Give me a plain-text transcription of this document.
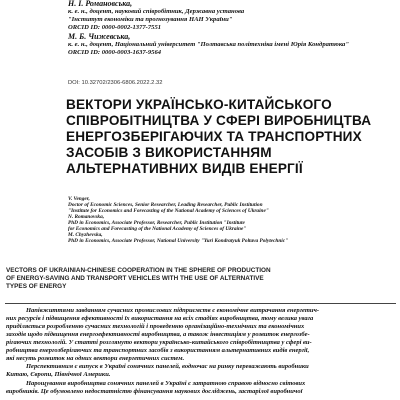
Н. І. Романовська,
к. е. н., доцент, науковий співробітник, Державна установа
"Інститут економіки та прогнозування НАН України"
ORCID ID: 0000-0002-1377-7551
М. Б. Чижевська,
к. е. н., доцент, Національний університет "Полтавська політехніка імені Юрія Кондратюка"
ORCID ID: 0000-0003-1637-9564
DOI: 10.32702/2306-6806.2022.2.32
ВЕКТОРИ УКРАЇНСЬКО-КИТАЙСЬКОГО
СПІВРОБІТНИЦТВА У СФЕРІ ВИРОБНИЦТВА
ЕНЕРГОЗБЕРІГАЮЧИХ ТА ТРАНСПОРТНИХ
ЗАСОБІВ З ВИКОРИСТАННЯМ
АЛЬТЕРНАТИВНИХ ВИДІВ ЕНЕРГІЇ
V. Venger,
Doctor of Economic Sciences, Senior Researcher, Leading Researcher, Public Institution
"Institute for Economics and Forecasting of the National Academy of Sciences of Ukraine"
N. Romanovska,
PhD in Economics, Associate Professor, Researcher, Public Institution "Institute
for Economics and Forecasting of the National Academy of Sciences of Ukraine"
M. Chyzhevska,
PhD in Economics, Associate Professor, National University "Yuri Kondratyuk Poltava Polytechnic"
VECTORS OF UKRAINIAN-CHINESE COOPERATION IN THE SPHERE OF PRODUCTION
OF ENERGY-SAVING AND TRANSPORT VEHICLES WITH THE USE OF ALTERNATIVE
TYPES OF ENERGY
Напівжиттями завданням сучасних промислових підприємств є економічне витрачання енергетич-
них ресурсів і підвищення ефективності їх використання на всіх стадіях виробництва, тому велика увага
приділяється розробленню сучасних технологій і проведенню організаційно-технічних та економічних
заходів щодо підвищення енергоефективності виробництва, а також інвестиціям у розвиток енергозбе-
рігаючих технологій. У статті розглянуто вектори українсько-китайського співробітництва у сфері ви-
робництва енергозберігаючих та транспортних засобів з використанням альтернативних видів енергії,
які несуть розвиток на одних вектори енергетичних систем.
Перспективним є випуск в Україні сонячних панелей, водночас на ринку переважають виробники
Китаю, Європи, Північної Америки.
Нарощування виробництва сонячних панелей в Україні є затратною справою відносно світових
виробників. Це обумовлено недостатністю фінансування наукових досліджень, застарілої виробничої
